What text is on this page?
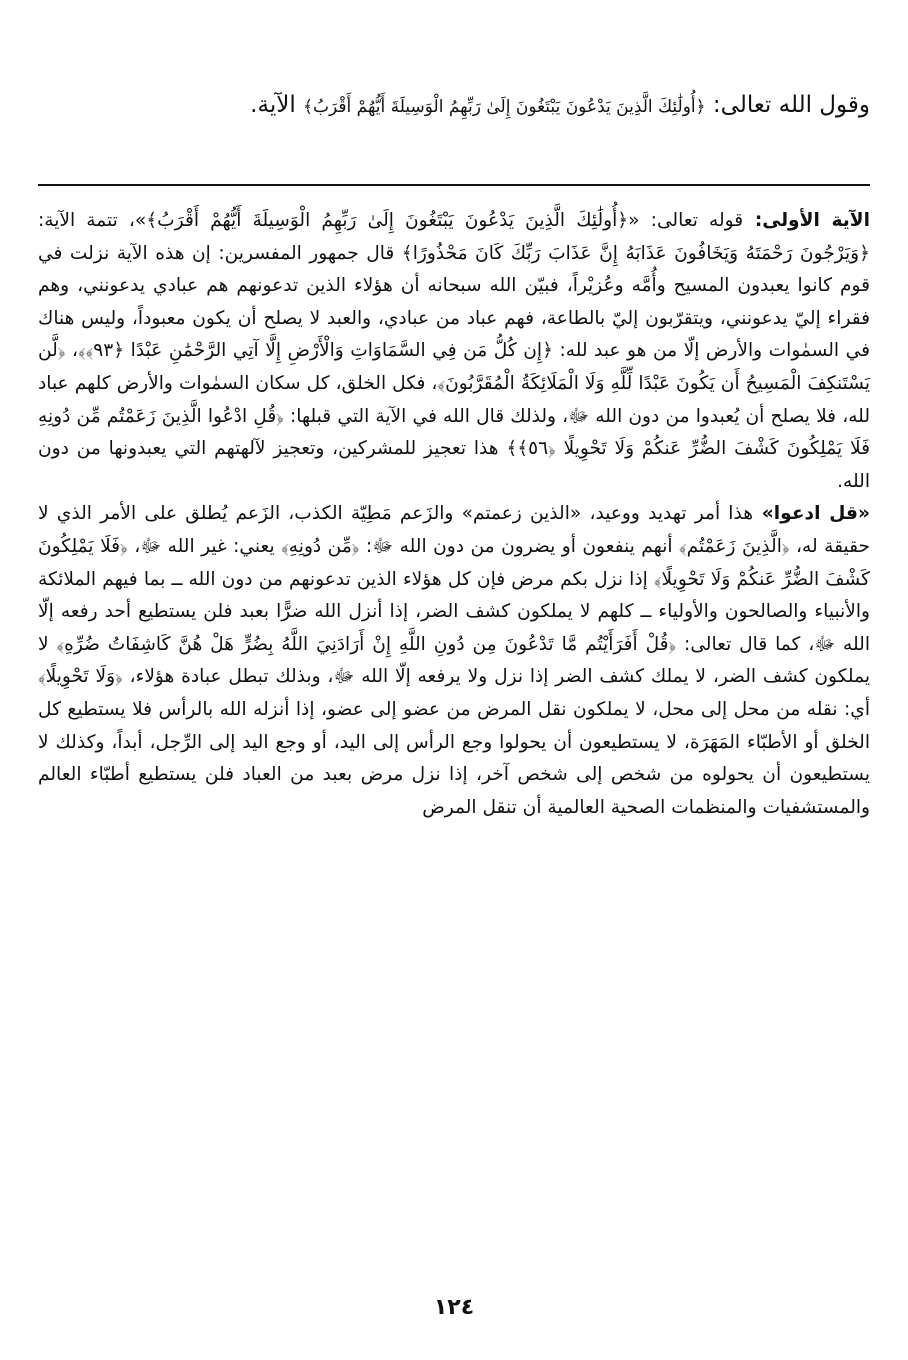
وقول الله تعالى: ﴿أُولَٰئِكَ الَّذِينَ يَدْعُونَ يَبْتَغُونَ إِلَىٰ رَبِّهِمُ الْوَسِيلَةَ أَيُّهُمْ أَقْرَبُ﴾ الآية.

الآية الأولى: قوله تعالى: «﴿أُولَٰئِكَ الَّذِينَ يَدْعُونَ يَبْتَغُونَ إِلَىٰ رَبِّهِمُ الْوَسِيلَةَ أَيُّهُمْ أَقْرَبُ﴾»، تتمة الآية: ﴿وَيَرْجُونَ رَحْمَتَهُ وَيَخَافُونَ عَذَابَهُ إِنَّ عَذَابَ رَبِّكَ كَانَ مَحْذُورًا﴾ قال جمهور المفسرين: إن هذه الآية نزلت في قوم كانوا يعبدون المسيح وأُمَّه وعُزيْراً، فبيّن الله سبحانه أن هؤلاء الذين تدعونهم هم عبادي يدعونني، وهم فقراء إليّ يدعونني، ويتقرّبون إليّ بالطاعة، فهم عباد من عبادي، والعبد لا يصلح أن يكون معبوداً، وليس هناك في السمٰوات والأرض إلّا من هو عبد لله: ﴿إِن كُلُّ مَن فِي السَّمَاوَاتِ وَالْأَرْضِ إِلَّا آتِي الرَّحْمَٰنِ عَبْدًا ﴿٩٣﴾﴾، ﴿لَّن يَسْتَنكِفَ الْمَسِيحُ أَن يَكُونَ عَبْدًا لِّلَّهِ وَلَا الْمَلَائِكَةُ الْمُقَرَّبُونَ﴾، فكل الخلق، كل سكان السمٰوات والأرض كلهم عباد لله، فلا يصلح أن يُعبدوا من دون الله ﷻ، ولذلك قال الله في الآية التي قبلها: ﴿قُلِ ادْعُوا الَّذِينَ زَعَمْتُم مِّن دُونِهِ فَلَا يَمْلِكُونَ كَشْفَ الضُّرِّ عَنكُمْ وَلَا تَحْوِيلًا ﴿٥٦﴾﴾ هذا تعجيز للمشركين، وتعجيز لآلهتهم التي يعبدونها من دون الله.

«قل ادعوا» هذا أمر تهديد ووعيد، «الذين زعمتم» والزَعم مَطِيّة الكذب، الزَعم يُطلق على الأمر الذي لا حقيقة له، ﴿الَّذِينَ زَعَمْتُم﴾ أنهم ينفعون أو يضرون من دون الله ﷻ: ﴿مِّن دُونِهِ﴾ يعني: غير الله ﷻ، ﴿فَلَا يَمْلِكُونَ كَشْفَ الضُّرِّ عَنكُمْ وَلَا تَحْوِيلًا﴾ إذا نزل بكم مرض فإن كل هؤلاء الذين تدعونهم من دون الله ــ بما فيهم الملائكة والأنبياء والصالحون والأولياء ــ كلهم لا يملكون كشف الضر، إذا أنزل الله ضرًّا بعبد فلن يستطيع أحد رفعه إلّا الله ﷻ، كما قال تعالى: ﴿قُلْ أَفَرَأَيْتُم مَّا تَدْعُونَ مِن دُونِ اللَّهِ إِنْ أَرَادَنِيَ اللَّهُ بِضُرٍّ هَلْ هُنَّ كَاشِفَاتُ ضُرِّهِ﴾ لا يملكون كشف الضر، لا يملك كشف الضر إذا نزل ولا يرفعه إلّا الله ﷻ، وبذلك تبطل عبادة هؤلاء، ﴿وَلَا تَحْوِيلًا﴾ أي: نقله من محل إلى محل، لا يملكون نقل المرض من عضو إلى عضو، إذا أنزله الله بالرأس فلا يستطيع كل الخلق أو الأطبّاء المَهَرَة، لا يستطيعون أن يحولوا وجع الرأس إلى اليد، أو وجع اليد إلى الرِّجل، أبداً، وكذلك لا يستطيعون أن يحولوه من شخص إلى شخص آخر، إذا نزل مرض بعبد من العباد فلن يستطيع أطبّاء العالم والمستشفيات والمنظمات الصحية العالمية أن تنقل المرض

١٢٤
